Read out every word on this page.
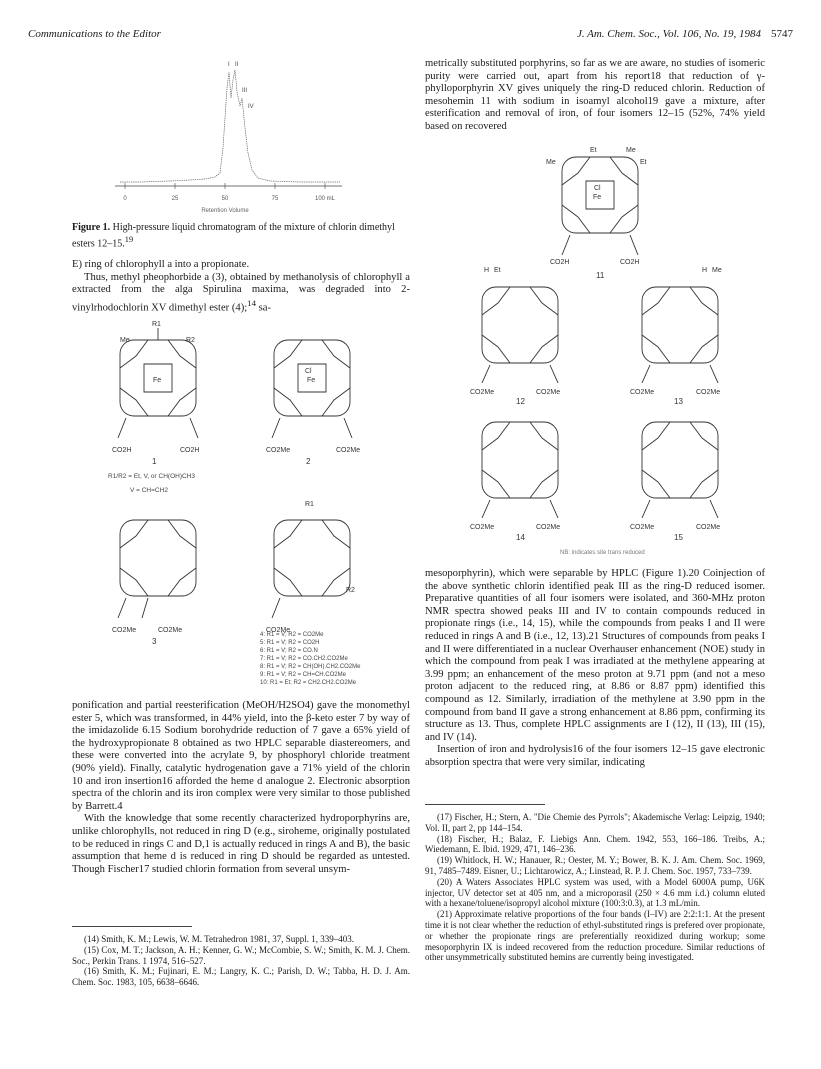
Communications to the Editor	J. Am. Chem. Soc., Vol. 106, No. 19, 1984 5747
0	25	50	75	100 mL
Retention Volume
I II
III
IV
Figure 1. High-pressure liquid chromatogram of the mixture of chlorin dimethyl esters 12–15.19

E) ring of chlorophyll a into a propionate.

Thus, methyl pheophorbide a (3), obtained by methanolysis of chlorophyll a extracted from the alga Spirulina maxima, was degraded into 2-vinylrhodochlorin XV dimethyl ester (4);$^{14}$ sa-

Me	R2
R1
Fe	Fe
Cl
CO2H	CO2H	CO2Me	CO2Me
CO2Me	CO2Me	CO2Me
R1
R2
1	2
R1/R2 = Et, V, or CH(OH)CH3
V = CH=CH2
3
4: R1 = V; R2 = CO2Me
5: R1 = V; R2 = CO2H
6: R1 = V; R2 = CO.N
7: R1 = V; R2 = CO.CH2.CO2Me
8: R1 = V; R2 = CH(OH).CH2.CO2Me
9: R1 = V; R2 = CH=CH.CO2Me
10: R1 = Et; R2 = CH2.CH2.CO2Me

ponification and partial reesterification (MeOH/H2SO4) gave the monomethyl ester 5, which was transformed, in 44% yield, into the β-keto ester 7 by way of the imidazolide 6.15 Sodium borohydride reduction of 7 gave a 65% yield of the hydroxypropionate 8 obtained as two HPLC separable diastereomers, and these were converted into the acrylate 9, by phosphoryl chloride treatment (90% yield). Finally, catalytic hydrogenation gave a 71% yield of the chlorin 10 and iron insertion16 afforded the heme d analogue 2. Electronic absorption spectra of the chlorin and its iron complex were very similar to those published by Barrett.4

With the knowledge that some recently characterized hydroporphyrins are, unlike chlorophylls, not reduced in ring D (e.g., siroheme, originally postulated to be reduced in rings C and D,1 is actually reduced in rings A and B), the basic assumption that heme d is reduced in ring D should be regarded as untested. Though Fischer17 studied chlorin formation from several unsym-

(14) Smith, K. M.; Lewis, W. M. Tetrahedron 1981, 37, Suppl. 1, 339–403.

(15) Cox, M. T.; Jackson, A. H.; Kenner, G. W.; McCombie, S. W.; Smith, K. M. J. Chem. Soc., Perkin Trans. 1 1974, 516–527.

(16) Smith, K. M.; Fujinari, E. M.; Langry, K. C.; Parish, D. W.; Tabba, H. D. J. Am. Chem. Soc. 1983, 105, 6638–6646.

metrically substituted porphyrins, so far as we are aware, no studies of isomeric purity were carried out, apart from his report18 that reduction of γ-phylloporphyrin XV gives uniquely the ring-D reduced chlorin. Reduction of mesohemin 11 with sodium in isoamyl alcohol19 gave a mixture, after esterification and removal of iron, of four isomers 12–15 (52%, 74% yield based on recovered

Me
Et	Me
Et
Fe
Cl
CO2H	CO2H
CO2Me	CO2Me	CO2Me	CO2Me
CO2Me	CO2Me	CO2Me	CO2Me
H Et	H Me
11
12	13
14	15
NB: indicates site trans reduced

mesoporphyrin), which were separable by HPLC (Figure 1).20 Coinjection of the above synthetic chlorin identified peak III as the ring-D reduced isomer. Preparative quantities of all four isomers were isolated, and 360-MHz proton NMR spectra showed peaks III and IV to contain compounds reduced in propionate rings (i.e., 14, 15), while the compounds from peaks I and II were reduced in rings A and B (i.e., 12, 13).21 Structures of compounds from peaks I and II were differentiated in a nuclear Overhauser enhancement (NOE) study in which the compound from peak I was irradiated at the methylene appearing at 3.99 ppm; an enhancement of the meso proton at 9.71 ppm (and not a meso proton adjacent to the reduced ring, at 8.86 or 8.87 ppm) identified this compound as 12. Similarly, irradiation of the methylene at 3.90 ppm in the compound from band II gave a strong enhancement at 8.86 ppm, confirming its structure as 13. Thus, complete HPLC assignments are I (12), II (13), III (15), and IV (14).

Insertion of iron and hydrolysis16 of the four isomers 12–15 gave electronic absorption spectra that were very similar, indicating

(17) Fischer, H.; Stern, A. "Die Chemie des Pyrrols"; Akademische Verlag: Leipzig, 1940; Vol. II, part 2, pp 144–154.

(18) Fischer, H.; Balaz, F. Liebigs Ann. Chem. 1942, 553, 166–186. Treibs, A.; Wiedemann, E. Ibid. 1929, 471, 146–236.

(19) Whitlock, H. W.; Hanauer, R.; Oester, M. Y.; Bower, B. K. J. Am. Chem. Soc. 1969, 91, 7485–7489. Eisner, U.; Lichtarowicz, A.; Linstead, R. P. J. Chem. Soc. 1957, 733–739.

(20) A Waters Associates HPLC system was used, with a Model 6000A pump, U6K injector, UV detector set at 405 nm, and a microporasil (250 × 4.6 mm i.d.) column eluted with a hexane/toluene/isopropyl alcohol mixture (100:3:0.3), at 1.3 mL/min.

(21) Approximate relative proportions of the four bands (I–IV) are 2:2:1:1. At the present time it is not clear whether the reduction of ethyl-substituted rings is prefered over propionate, or whether the propionate rings are preferentially reoxidized during workup; some mesoporphyrin IX is indeed recovered from the reduction procedure. Similar reductions of other unsymmetrically substituted hemins are currently being investigated.
